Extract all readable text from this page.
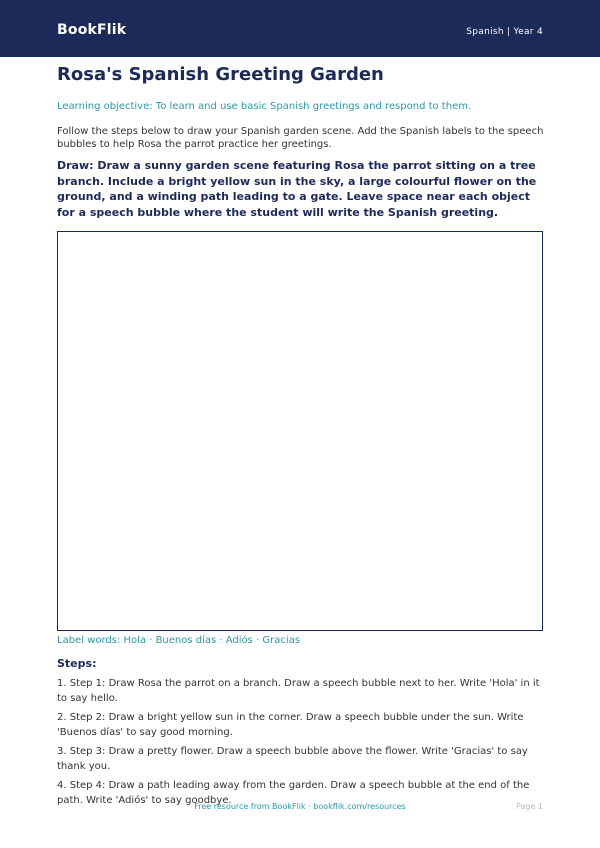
BookFlik	Spanish | Year 4
Rosa's Spanish Greeting Garden
Learning objective: To learn and use basic Spanish greetings and respond to them.
Follow the steps below to draw your Spanish garden scene. Add the Spanish labels to the speech bubbles to help Rosa the parrot practice her greetings.
Draw: Draw a sunny garden scene featuring Rosa the parrot sitting on a tree branch. Include a bright yellow sun in the sky, a large colourful flower on the ground, and a winding path leading to a gate. Leave space near each object for a speech bubble where the student will write the Spanish greeting.
Label words: Hola · Buenos días · Adiós · Gracias
Steps:
1. Step 1: Draw Rosa the parrot on a branch. Draw a speech bubble next to her. Write 'Hola' in it to say hello.
2. Step 2: Draw a bright yellow sun in the corner. Draw a speech bubble under the sun. Write 'Buenos días' to say good morning.
3. Step 3: Draw a pretty flower. Draw a speech bubble above the flower. Write 'Gracias' to say thank you.
4. Step 4: Draw a path leading away from the garden. Draw a speech bubble at the end of the path. Write 'Adiós' to say goodbye.
Free resource from BookFlik · bookflik.com/resources	Page 1
